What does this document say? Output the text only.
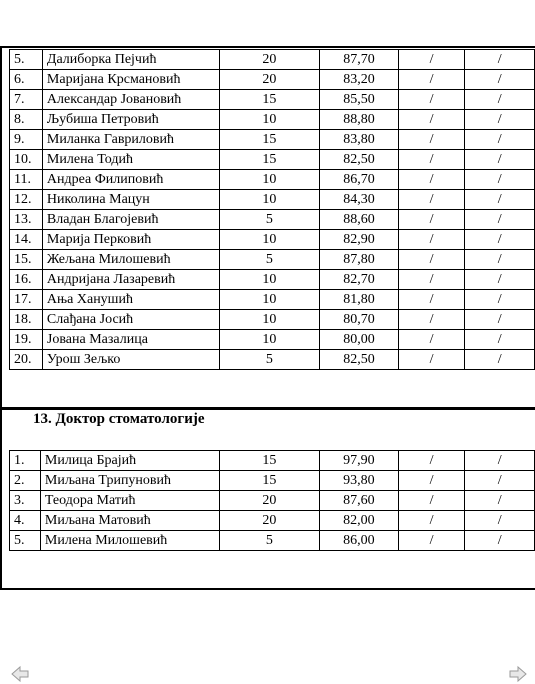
5.	Далиборка Пејчић	20	87,70	/	/
6.	Маријана Крсмановић	20	83,20	/	/
7.	Александар Јовановић	15	85,50	/	/
8.	Љубиша Петровић	10	88,80	/	/
9.	Миланка Гавриловић	15	83,80	/	/
10.	Милена Тодић	15	82,50	/	/
11.	Андреа Филиповић	10	86,70	/	/
12.	Николина Мацун	10	84,30	/	/
13.	Владан Благојевић	5	88,60	/	/
14.	Марија Перковић	10	82,90	/	/
15.	Жељана Милошевић	5	87,80	/	/
16.	Андријана Лазаревић	10	82,70	/	/
17.	Ања Ханушић	10	81,80	/	/
18.	Слађана Јосић	10	80,70	/	/
19.	Јована Мазалица	10	80,00	/	/
20.	Урош Зељко	5	82,50	/	/
13. Доктор стоматологије
1.	Милица Брајић	15	97,90	/	/
2.	Миљана Трипуновић	15	93,80	/	/
3.	Теодора Матић	20	87,60	/	/
4.	Миљана Матовић	20	82,00	/	/
5.	Милена Милошевић	5	86,00	/	/
